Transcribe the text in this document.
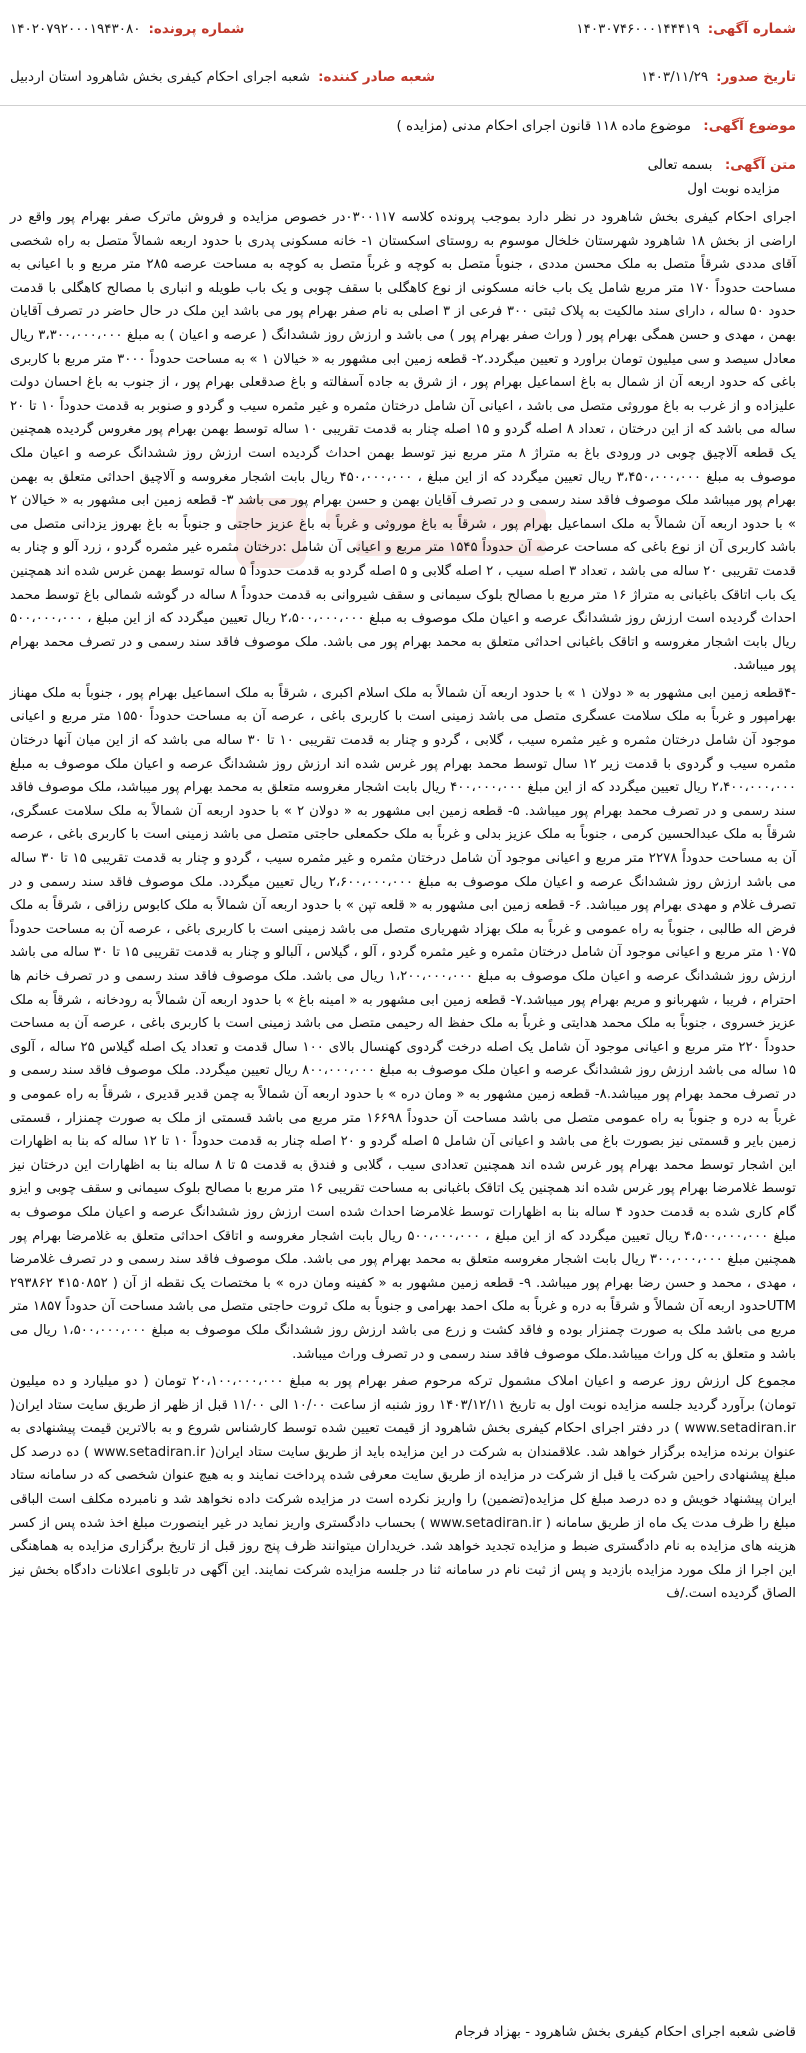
شماره آگهی:
۱۴۰۳۰۷۴۶۰۰۰۱۴۴۴۱۹
شماره پرونده:
۱۴۰۲۰۷۹۲۰۰۰۱۹۴۳۰۸۰
تاریخ صدور:
۱۴۰۳/۱۱/۲۹
شعبه صادر کننده:
شعبه اجرای احکام کیفری بخش شاهرود استان اردبیل
موضوع آگهی: موضوع ماده ۱۱۸ قانون اجرای احکام مدنی (مزایده )
متن آگهی: بسمه تعالی
مزایده نوبت اول

اجرای احکام کیفری بخش شاهرود در نظر دارد بموجب پرونده کلاسه ۰۳۰۰۱۱۷در خصوص مزایده و فروش ماترک صفر بهرام پور واقع در اراضی از بخش ۱۸ شاهرود شهرستان خلخال موسوم به روستای اسکستان ۱- خانه مسکونی پدری با حدود اربعه شمالاً متصل به راه شخصی آقای مددی شرقاً متصل به ملک محسن مددی ، جنوباً متصل به کوچه و غرباً متصل به کوچه به مساحت عرصه ۲۸۵ متر مربع و با اعیانی به مساحت حدوداً ۱۷۰ متر مربع شامل یک باب خانه مسکونی از نوع کاهگلی با سقف چوبی و یک باب طویله و انباری با مصالح کاهگلی با قدمت حدود ۵۰ ساله ، دارای سند مالکیت به پلاک ثبتی ۳۰۰ فرعی از ۳ اصلی به نام صفر بهرام پور می باشد این ملک در حال حاضر در تصرف آقایان بهمن ، مهدی و حسن همگی بهرام پور ( وراث صفر بهرام پور ) می باشد و ارزش روز ششدانگ ( عرصه و اعیان ) به مبلغ ۳،۳۰۰،۰۰۰،۰۰۰ ریال معادل سیصد و سی میلیون تومان براورد و تعیین میگردد.۲- قطعه زمین ابی مشهور به « خیالان ۱ » به مساحت حدوداً ۳۰۰۰ متر مربع با کاربری باغی که حدود اربعه آن از شمال به باغ اسماعیل بهرام پور ، از شرق به جاده آسفالته و باغ صدقعلی بهرام پور ، از جنوب به باغ احسان دولت علیزاده و از غرب به باغ موروثی متصل می باشد ، اعیانی آن شامل درختان مثمره و غیر مثمره سیب و گردو و صنوبر به قدمت حدوداً ۱۰ تا ۲۰ ساله می باشد که از این درختان ، تعداد ۸ اصله گردو و ۱۵ اصله چنار به قدمت تقریبی ۱۰ ساله توسط بهمن بهرام پور مغروس گردیده همچنین یک قطعه آلاچیق چوبی در ورودی باغ به متراژ ۸ متر مربع نیز توسط بهمن احداث گردیده است ارزش روز ششدانگ عرصه و اعیان ملک موصوف به مبلغ ۳،۴۵۰،۰۰۰،۰۰۰ ریال تعیین میگردد که از این مبلغ ، ۴۵۰،۰۰۰،۰۰۰ ریال بابت اشجار مغروسه و آلاچیق احداثی متعلق به بهمن بهرام پور میباشد ملک موصوف فاقد سند رسمی و در تصرف آقایان بهمن و حسن بهرام پور می باشد ۳- قطعه زمین ابی مشهور به « خیالان ۲ » با حدود اربعه آن شمالاً به ملک اسماعیل بهرام پور ، شرقاً به باغ موروثی و غرباً به باغ عزیز حاجتی و جنوباً به باغ بهروز یزدانی متصل می باشد کاربری آن از نوع باغی که مساحت عرصه آن حدوداً ۱۵۴۵ متر مربع و اعیانی آن شامل :درختان مثمره غیر مثمره گردو ، زرد آلو و چنار به قدمت تقریبی ۲۰ ساله می باشد ، تعداد ۳ اصله سیب ، ۲ اصله گلابی و ۵ اصله گردو به قدمت حدوداً ۵ ساله توسط بهمن غرس شده اند همچنین یک باب اتاقک باغبانی به متراژ ۱۶ متر مربع با مصالح بلوک سیمانی و سقف شیروانی به قدمت حدوداً ۸ ساله در گوشه شمالی باغ توسط محمد احداث گردیده است ارزش روز ششدانگ عرصه و اعیان ملک موصوف به مبلغ ۲،۵۰۰،۰۰۰،۰۰۰ ریال تعیین میگردد که از این مبلغ ، ۵۰۰،۰۰۰،۰۰۰ ریال بابت اشجار مغروسه و اتاقک باغبانی احداثی متعلق به محمد بهرام پور می باشد. ملک موصوف فاقد سند رسمی و در تصرف محمد بهرام پور میباشد.

-۴قطعه زمین ابی مشهور به « دولان ۱ » با حدود اربعه آن شمالاً به ملک اسلام اکبری ، شرقاً به ملک اسماعیل بهرام پور ، جنوباً به ملک مهناز بهرامپور و غرباً به ملک سلامت عسگری متصل می باشد زمینی است با کاربری باغی ، عرصه آن به مساحت حدوداً ۱۵۵۰ متر مربع و اعیانی موجود آن شامل درختان مثمره و غیر مثمره سیب ، گلابی ، گردو و چنار به قدمت تقریبی ۱۰ تا ۳۰ ساله می باشد که از این میان آنها درختان مثمره سیب و گردوی با قدمت زیر ۱۲ سال توسط محمد بهرام پور غرس شده اند ارزش روز ششدانگ عرصه و اعیان ملک موصوف به مبلغ ۲،۴۰۰،۰۰۰،۰۰۰ ریال تعیین میگردد که از این مبلغ ۴۰۰،۰۰۰،۰۰۰ ریال بابت اشجار مغروسه متعلق به محمد بهرام پور میباشد، ملک موصوف فاقد سند رسمی و در تصرف محمد بهرام پور میباشد. ۵- قطعه زمین ابی مشهور به « دولان ۲ » با حدود اربعه آن شمالاً به ملک سلامت عسگری، شرقاً به ملک عبدالحسین کرمی ، جنوباً به ملک عزیز بدلی و غرباً به ملک حکمعلی حاجتی متصل می باشد زمینی است با کاربری باغی ، عرصه آن به مساحت حدوداً ۲۲۷۸ متر مربع و اعیانی موجود آن شامل درختان مثمره و غیر مثمره سیب ، گردو و چنار به قدمت تقریبی ۱۵ تا ۳۰ ساله می باشد ارزش روز ششدانگ عرصه و اعیان ملک موصوف به مبلغ ۲،۶۰۰،۰۰۰،۰۰۰ ریال تعیین میگردد. ملک موصوف فاقد سند رسمی و در تصرف غلام و مهدی بهرام پور میباشد. ۶- قطعه زمین ابی مشهور به « قلعه تپن » با حدود اربعه آن شمالاً به ملک کابوس رزاقی ، شرقاً به ملک فرض اله طالبی ، جنوباً به راه عمومی و غرباً به ملک بهزاد شهریاری متصل می باشد زمینی است با کاربری باغی ، عرصه آن به مساحت حدوداً ۱۰۷۵ متر مربع و اعیانی موجود آن شامل درختان مثمره و غیر مثمره گردو ، آلو ، گیلاس ، آلبالو و چنار به قدمت تقریبی ۱۵ تا ۳۰ ساله می باشد ارزش روز ششدانگ عرصه و اعیان ملک موصوف به مبلغ ۱،۲۰۰،۰۰۰،۰۰۰ ریال می باشد. ملک موصوف فاقد سند رسمی و در تصرف خانم ها احترام ، فریبا ، شهربانو و مریم بهرام پور میباشد.۷- قطعه زمین ابی مشهور به « امینه باغ » با حدود اربعه آن شمالاً به رودخانه ، شرقاً به ملک عزیز خسروی ، جنوباً به ملک محمد هدایتی و غرباً به ملک حفظ اله رحیمی متصل می باشد زمینی است با کاربری باغی ، عرصه آن به مساحت حدوداً ۲۲۰ متر مربع و اعیانی موجود آن شامل یک اصله درخت گردوی کهنسال بالای ۱۰۰ سال قدمت و تعداد یک اصله گیلاس ۲۵ ساله ، آلوی ۱۵ ساله می باشد ارزش روز ششدانگ عرصه و اعیان ملک موصوف به مبلغ ۸۰۰،۰۰۰،۰۰۰ ریال تعیین میگردد. ملک موصوف فاقد سند رسمی و در تصرف محمد بهرام پور میباشد.۸- قطعه زمین مشهور به « ومان دره » با حدود اربعه آن شمالاً به چمن قدیر قدیری ، شرقاً به راه عمومی و غرباً به دره و جنوباً به راه عمومی متصل می باشد مساحت آن حدوداً ۱۶۶۹۸ متر مربع می باشد قسمتی از ملک به صورت چمنزار ، قسمتی زمین بایر و قسمتی نیز بصورت باغ می باشد و اعیانی آن شامل ۵ اصله گردو و ۲۰ اصله چنار به قدمت حدوداً ۱۰ تا ۱۲ ساله که بنا به اظهارات این اشجار توسط محمد بهرام پور غرس شده اند همچنین تعدادی سیب ، گلابی و فندق به قدمت ۵ تا ۸ ساله بنا به اظهارات این درختان نیز توسط غلامرضا بهرام پور غرس شده اند همچنین یک اتاقک باغبانی به مساحت تقریبی ۱۶ متر مربع با مصالح بلوک سیمانی و سقف چوبی و ایزو گام کاری شده به قدمت حدود ۴ ساله بنا به اظهارات توسط غلامرضا احداث شده است ارزش روز ششدانگ عرصه و اعیان ملک موصوف به مبلغ ۴،۵۰۰،۰۰۰،۰۰۰ ریال تعیین میگردد که از این مبلغ ، ۵۰۰،۰۰۰،۰۰۰ ریال بابت اشجار مغروسه و اتاقک احداثی متعلق به غلامرضا بهرام پور همچنین مبلغ ۳۰۰،۰۰۰،۰۰۰ ریال بابت اشجار مغروسه متعلق به محمد بهرام پور می باشد. ملک موصوف فاقد سند رسمی و در تصرف غلامرضا ، مهدی ، محمد و حسن رضا بهرام پور میباشد. ۹- قطعه زمین مشهور به « کفینه ومان دره » با مختصات یک نقطه از آن ( ۴۱۵۰۸۵۲ ۲۹۳۸۶۲ UTMحدود اربعه آن شمالاً و شرقاً به دره و غرباً به ملک احمد بهرامی و جنوباً به ملک ثروت حاجتی متصل می باشد مساحت آن حدوداً ۱۸۵۷ متر مربع می باشد ملک به صورت چمنزار بوده و فاقد کشت و زرع می باشد ارزش روز ششدانگ ملک موصوف به مبلغ ۱،۵۰۰،۰۰۰،۰۰۰ ریال می باشد و متعلق به کل وراث میباشد.ملک موصوف فاقد سند رسمی و در تصرف وراث میباشد.

مجموع کل ارزش روز عرصه و اعیان املاک مشمول ترکه مرحوم صفر بهرام پور به مبلغ ۲۰،۱۰۰،۰۰۰،۰۰۰ تومان ( دو میلیارد و ده میلیون تومان) برآورد گردید جلسه مزایده نوبت اول به تاریخ ۱۴۰۳/۱۲/۱۱ روز شنبه از ساعت ۱۰/۰۰ الی ۱۱/۰۰ قبل از ظهر از طریق سایت ستاد ایران( www.setadiran.ir ) در دفتر اجرای احکام کیفری بخش شاهرود از قیمت تعیین شده توسط کارشناس شروع و به بالاترین قیمت پیشنهادی به عنوان برنده مزایده برگزار خواهد شد. علاقمندان به شرکت در این مزایده باید از طریق سایت ستاد ایران( www.setadiran.ir ) ده درصد کل مبلغ پیشنهادی راحین شرکت یا قبل از شرکت در مزایده از طریق سایت معرفی شده پرداخت نمایند و به هیچ عنوان شخصی که در سامانه ستاد ایران پیشنهاد خویش و ده درصد مبلغ کل مزایده(تضمین) را واریز نکرده است در مزایده شرکت داده نخواهد شد و نامبرده مکلف است الباقی مبلغ را ظرف مدت یک ماه از طریق سامانه ( www.setadiran.ir ) بحساب دادگستری واریز نماید در غیر اینصورت مبلغ اخذ شده پس از کسر هزینه های مزایده به نام دادگستری ضبط و مزایده تجدید خواهد شد. خریداران میتوانند ظرف پنج روز قبل از تاریخ برگزاری مزایده به هماهنگی این اجرا از ملک مورد مزایده بازدید و پس از ثبت نام در سامانه ثنا در جلسه مزایده شرکت نمایند. این آگهی در تابلوی اعلانات دادگاه بخش نیز الصاق گردیده است./ف

قاضی شعبه اجرای احکام کیفری بخش شاهرود - بهزاد فرجام
